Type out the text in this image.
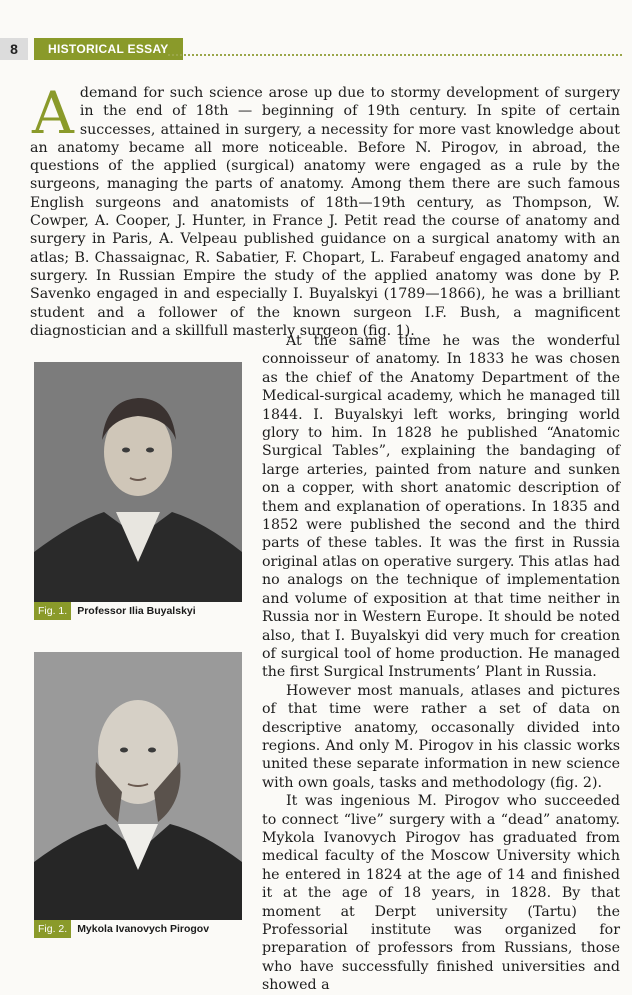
8	HISTORICAL ESSAY

Ademand for such science arose up due to stormy development of surgery in the end of 18th — beginning of 19th century. In spite of certain successes, attained in surgery, a necessity for more vast knowledge about an anatomy became all more noticeable. Before N. Pirogov, in abroad, the questions of the applied (surgical) anatomy were engaged as a rule by the surgeons, managing the parts of anatomy. Among them there are such famous English surgeons and anatomists of 18th—19th century, as Thompson, W. Cowper, A. Cooper, J. Hunter, in France J. Petit read the course of anatomy and surgery in Paris, A. Velpeau published guidance on a surgical anatomy with an atlas; B. Chassaignac, R. Sabatier, F. Chopart, L. Farabeuf engaged anatomy and surgery. In Russian Empire the study of the applied anatomy was done by P. Savenko engaged in and especially I. Buyalskyi (1789—1866), he was a brilliant student and a follower of the known surgeon I.F. Bush, a magnificent diagnostician and a skillfull masterly surgeon (fig. 1).

Fig. 1. Professor Ilia Buyalskyi
Fig. 2. Mykola Ivanovych Pirogov

At the same time he was the wonderful connoisseur of anatomy. In 1833 he was chosen as the chief of the Anatomy Department of the Medical-surgical academy, which he managed till 1844. I. Buyalskyi left works, bringing world glory to him. In 1828 he published “Anatomic Surgical Tables”, explaining the bandaging of large arteries, painted from nature and sunken on a copper, with short anatomic description of them and explanation of operations. In 1835 and 1852 were published the second and the third parts of these tables. It was the first in Russia original atlas on operative surgery. This atlas had no analogs on the technique of implementation and volume of exposition at that time neither in Russia nor in Western Europe. It should be noted also, that I. Buyalskyi did very much for creation of surgical tool of home production. He managed the first Surgical Instruments’ Plant in Russia.

However most manuals, atlases and pictures of that time were rather a set of data on descriptive anatomy, occasonally divided into regions. And only M. Pirogov in his classic works united these separate information in new science with own goals, tasks and methodology (fig. 2).

It was ingenious M. Pirogov who succeeded to connect “live” surgery with a “dead” anatomy. Mykola Ivanovych Pirogov has graduated from medical faculty of the Moscow University which he entered in 1824 at the age of 14 and finished it at the age of 18 years, in 1828. By that moment at Derpt university (Tartu) the Professorial institute was organized for preparation of professors from Russians, those who have successfully finished universities and showed a
